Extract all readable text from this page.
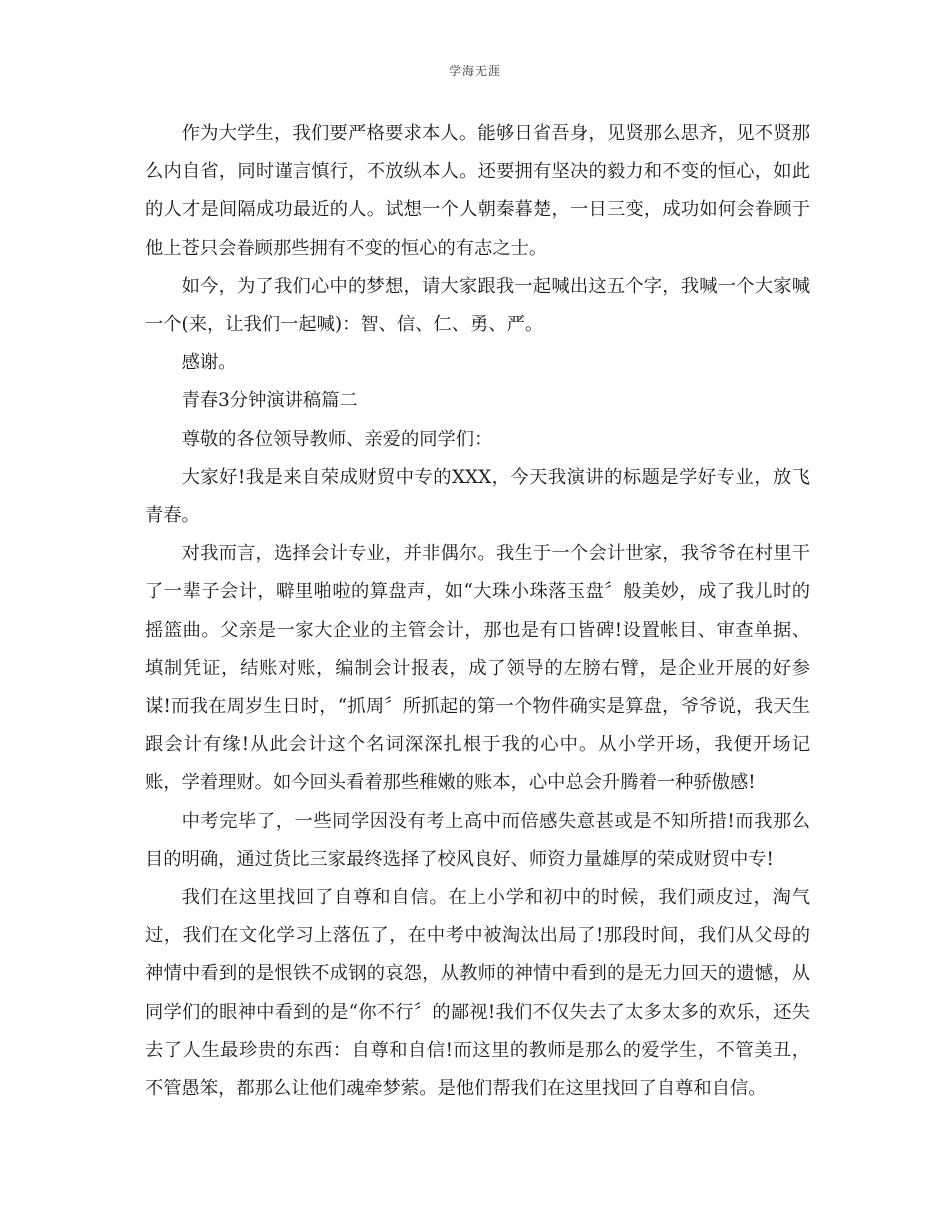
学海无涯

作为大学生，我们要严格要求本人。能够日省吾身，见贤那么思齐，见不贤那么内自省，同时谨言慎行，不放纵本人。还要拥有坚决的毅力和不变的恒心，如此的人才是间隔成功最近的人。试想一个人朝秦暮楚，一日三变，成功如何会眷顾于他上苍只会眷顾那些拥有不变的恒心的有志之士。

如今，为了我们心中的梦想，请大家跟我一起喊出这五个字，我喊一个大家喊一个(来，让我们一起喊)：智、信、仁、勇、严。

感谢。

青春3分钟演讲稿篇二

尊敬的各位领导教师、亲爱的同学们：

大家好!我是来自荣成财贸中专的XXX，今天我演讲的标题是学好专业，放飞青春。

对我而言，选择会计专业，并非偶尔。我生于一个会计世家，我爷爷在村里干了一辈子会计，噼里啪啦的算盘声，如“大珠小珠落玉盘〞般美妙，成了我儿时的摇篮曲。父亲是一家大企业的主管会计，那也是有口皆碑!设置帐目、审查单据、填制凭证，结账对账，编制会计报表，成了领导的左膀右臂，是企业开展的好参谋!而我在周岁生日时，“抓周〞所抓起的第一个物件确实是算盘，爷爷说，我天生跟会计有缘!从此会计这个名词深深扎根于我的心中。从小学开场，我便开场记账，学着理财。如今回头看着那些稚嫩的账本，心中总会升腾着一种骄傲感!

中考完毕了，一些同学因没有考上高中而倍感失意甚或是不知所措!而我那么目的明确，通过货比三家最终选择了校风良好、师资力量雄厚的荣成财贸中专!

我们在这里找回了自尊和自信。在上小学和初中的时候，我们顽皮过，淘气过，我们在文化学习上落伍了，在中考中被淘汰出局了!那段时间，我们从父母的神情中看到的是恨铁不成钢的哀怨，从教师的神情中看到的是无力回天的遗憾，从同学们的眼神中看到的是“你不行〞的鄙视!我们不仅失去了太多太多的欢乐，还失去了人生最珍贵的东西：自尊和自信!而这里的教师是那么的爱学生，不管美丑，不管愚笨，都那么让他们魂牵梦萦。是他们帮我们在这里找回了自尊和自信。
